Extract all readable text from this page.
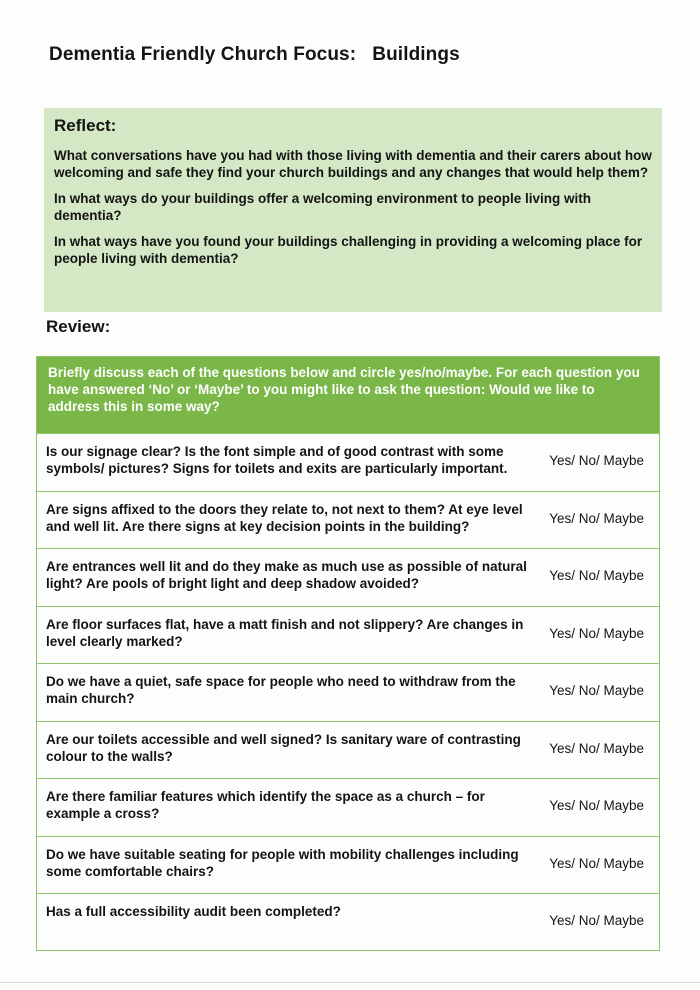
Dementia Friendly Church Focus:   Buildings
Reflect:
What conversations have you had with those living with dementia and their carers about how welcoming and safe they find your church buildings and any changes that would help them?
In what ways do your buildings offer a welcoming environment to people living with dementia?
In what ways have you found your buildings challenging in providing a welcoming place for people living with dementia?
Review:
Briefly discuss each of the questions below and circle yes/no/maybe. For each question you have answered ‘No’ or ‘Maybe’ to you might like to ask the question: Would we like to address this in some way?
Is our signage clear? Is the font simple and of good contrast with some symbols/ pictures? Signs for toilets and exits are particularly important.
Yes/ No/ Maybe
Are signs affixed to the doors they relate to, not next to them? At eye level and well lit. Are there signs at key decision points in the building?
Yes/ No/ Maybe
Are entrances well lit and do they make as much use as possible of natural light? Are pools of bright light and deep shadow avoided?
Yes/ No/ Maybe
Are floor surfaces flat, have a matt finish and not slippery? Are changes in level clearly marked?
Yes/ No/ Maybe
Do we have a quiet, safe space for people who need to withdraw from the main church?
Yes/ No/ Maybe
Are our toilets accessible and well signed? Is sanitary ware of contrasting colour to the walls?
Yes/ No/ Maybe
Are there familiar features which identify the space as a church – for example a cross?
Yes/ No/ Maybe
Do we have suitable seating for people with mobility challenges including some comfortable chairs?
Yes/ No/ Maybe
Has a full accessibility audit been completed?
Yes/ No/ Maybe
